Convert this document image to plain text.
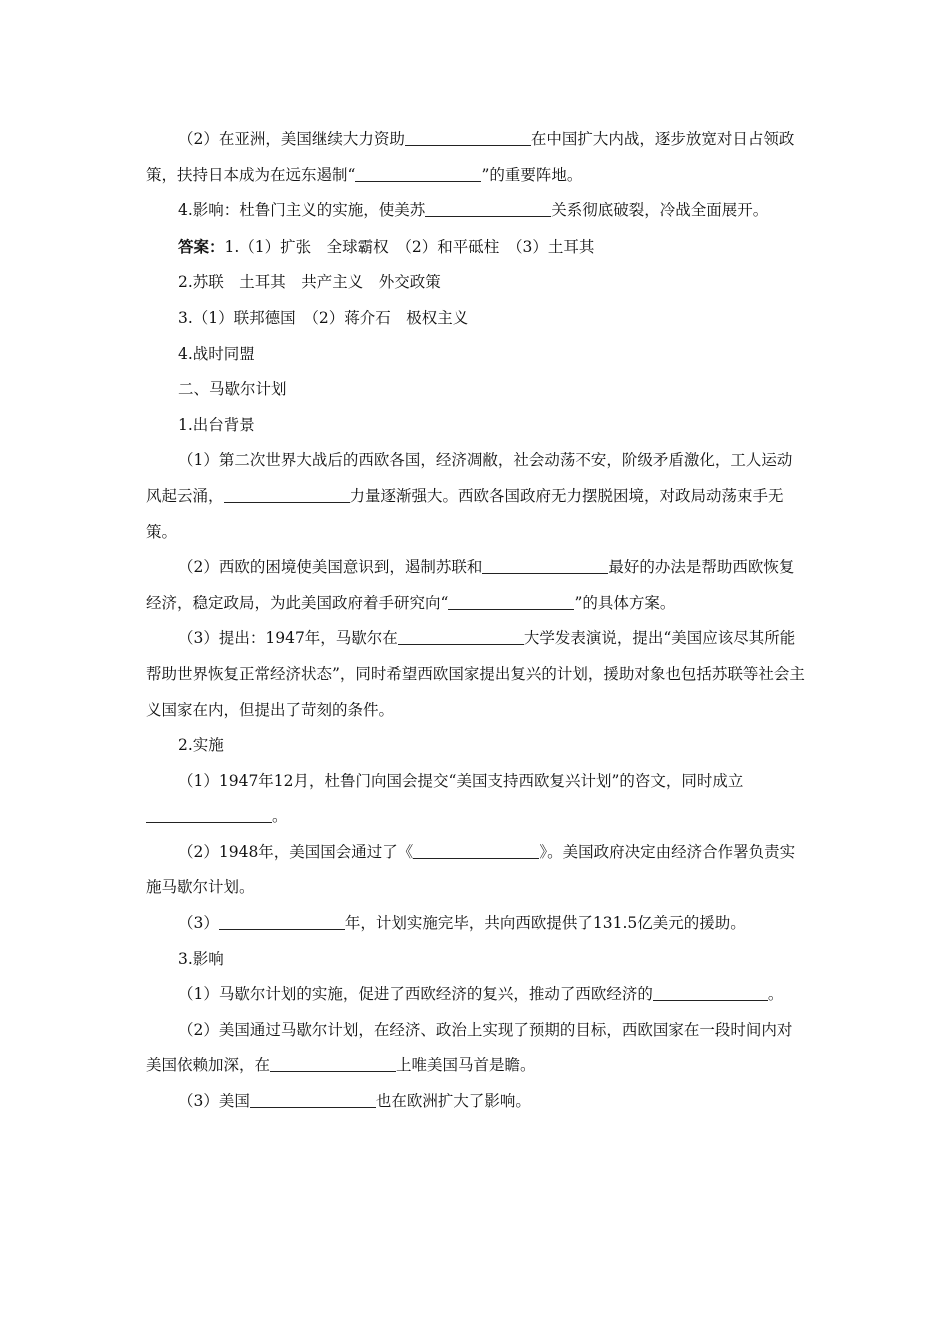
（2）在亚洲，美国继续大力资助	在中国扩大内战，逐步放宽对日占领政策，扶持日本成为在远东遏制“	”的重要阵地。

4.影响：杜鲁门主义的实施，使美苏	关系彻底破裂，冷战全面展开。

答案：1.（1）扩张　全球霸权　（2）和平砥柱　（3）土耳其

2.苏联　土耳其　共产主义　外交政策

3.（1）联邦德国　（2）蒋介石　极权主义

4.战时同盟

二、马歇尔计划

1.出台背景

（1）第二次世界大战后的西欧各国，经济凋敝，社会动荡不安，阶级矛盾激化，工人运动风起云涌，	力量逐渐强大。西欧各国政府无力摆脱困境，对政局动荡束手无策。

（2）西欧的困境使美国意识到，遏制苏联和	最好的办法是帮助西欧恢复经济，稳定政局，为此美国政府着手研究向“	”的具体方案。

（3）提出：1947年，马歇尔在	大学发表演说，提出“美国应该尽其所能帮助世界恢复正常经济状态”，同时希望西欧国家提出复兴的计划，援助对象也包括苏联等社会主义国家在内，但提出了苛刻的条件。

2.实施

（1）1947年12月，杜鲁门向国会提交“美国支持西欧复兴计划”的咨文，同时成立。

（2）1948年，美国国会通过了《	》。美国政府决定由经济合作署负责实施马歇尔计划。

（3）	年，计划实施完毕，共向西欧提供了131.5亿美元的援助。

3.影响

（1）马歇尔计划的实施，促进了西欧经济的复兴，推动了西欧经济的	。

（2）美国通过马歇尔计划，在经济、政治上实现了预期的目标，西欧国家在一段时间内对美国依赖加深，在	上唯美国马首是瞻。

（3）美国	也在欧洲扩大了影响。
